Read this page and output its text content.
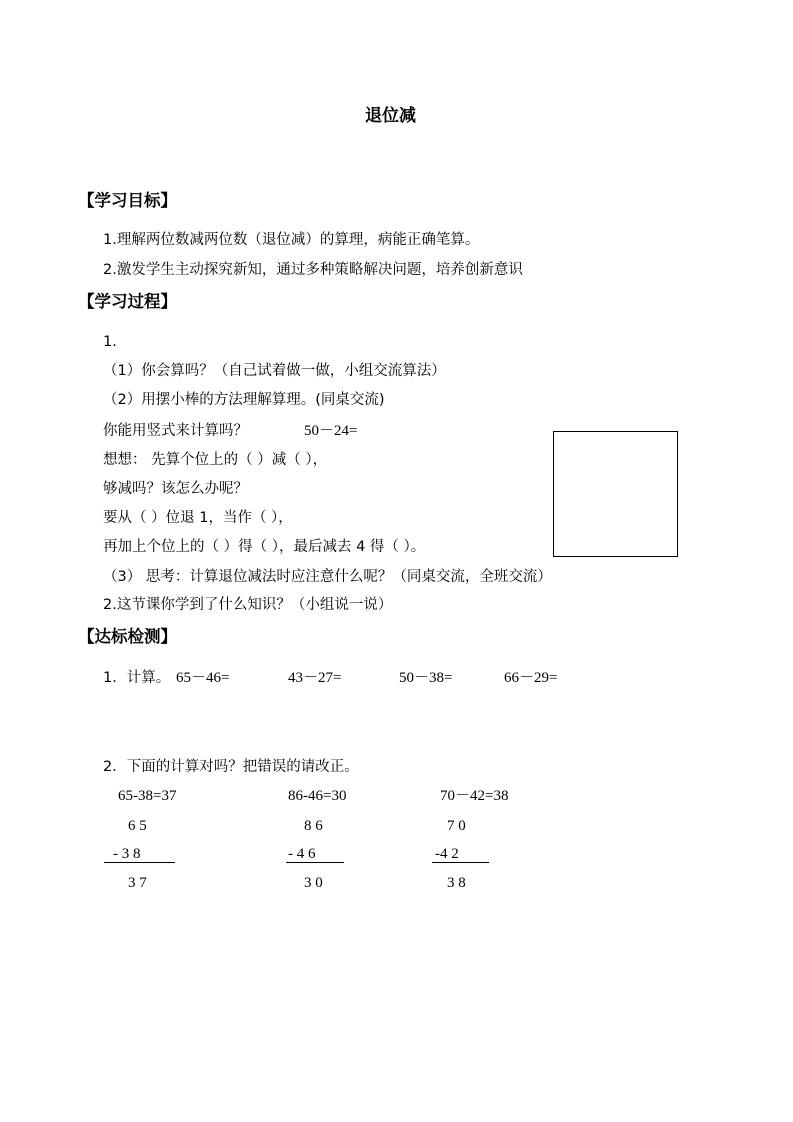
退位减
【学习目标】
1.理解两位数减两位数（退位减）的算理，病能正确笔算。
2.激发学生主动探究新知，通过多种策略解决问题，培养创新意识
【学习过程】
1.
（1）你会算吗？（自己试着做一做，小组交流算法）
（2）用摆小棒的方法理解算理。(同桌交流)
你能用竖式来计算吗？	50－24=
想想： 先算个位上的（ ）减（ ），
够减吗？该怎么办呢？
要从（ ）位退 1，当作（ ），
再加上个位上的（ ）得（ ），最后减去 4 得（ ）。
（3） 思考：计算退位减法时应注意什么呢？（同桌交流，全班交流）
2.这节课你学到了什么知识？（小组说一说）
【达标检测】
1．计算。 65－46=	43－27=	50－38=	66－29=
2．下面的计算对吗？把错误的请改正。
65-38=37
6 5
- 3 8
3 7
86-46=30
8 6
- 4 6
3 0
70－42=38
7 0
-4 2
3 8
